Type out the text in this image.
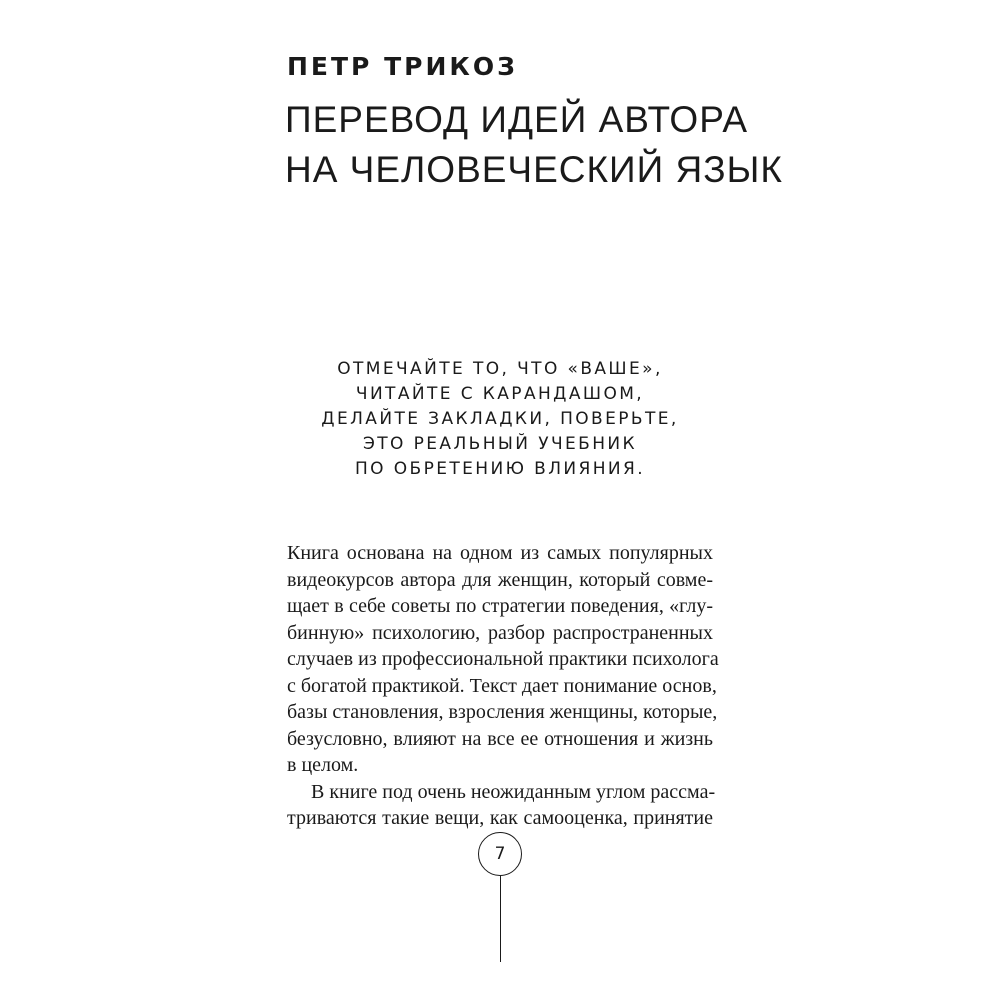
ПЕТР ТРИКОЗ
ПЕРЕВОД ИДЕЙ АВТОРА
НА ЧЕЛОВЕЧЕСКИЙ ЯЗЫК
ОТМЕЧАЙТЕ ТО, ЧТО «ВАШЕ»,
ЧИТАЙТЕ С КАРАНДАШОМ,
ДЕЛАЙТЕ ЗАКЛАДКИ, ПОВЕРЬТЕ,
ЭТО РЕАЛЬНЫЙ УЧЕБНИК
ПО ОБРЕТЕНИЮ ВЛИЯНИЯ.
Книга основана на одном из самых популярных
видеокурсов автора для женщин, который совме-
щает в себе советы по стратегии поведения, «глу-
бинную» психологию, разбор распространенных
случаев из профессиональной практики психолога
с богатой практикой. Текст дает понимание основ,
базы становления, взросления женщины, которые,
безусловно, влияют на все ее отношения и жизнь
в целом.
В книге под очень неожиданным углом рассма-
триваются такие вещи, как самооценка, принятие
7
